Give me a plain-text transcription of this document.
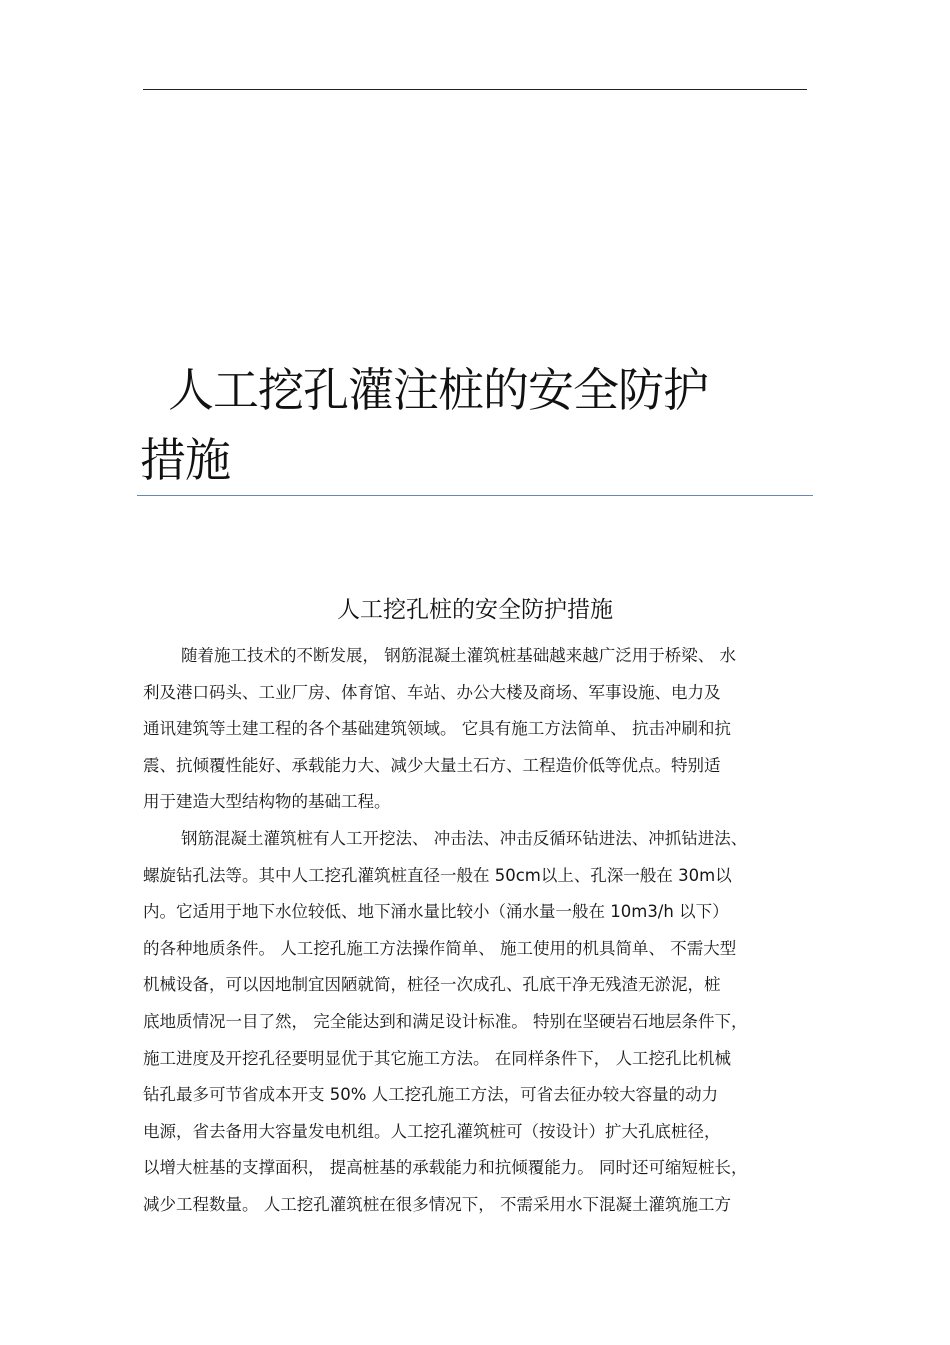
人工挖孔灌注桩的安全防护
措施
人工挖孔桩的安全防护措施
随着施工技术的不断发展， 钢筋混凝土灌筑桩基础越来越广泛用于桥梁、 水
利及港口码头、工业厂房、体育馆、车站、办公大楼及商场、军事设施、电力及
通讯建筑等土建工程的各个基础建筑领域。 它具有施工方法简单、 抗击冲刷和抗
震、抗倾覆性能好、承载能力大、减少大量土石方、工程造价低等优点。特别适
用于建造大型结构物的基础工程。
钢筋混凝土灌筑桩有人工开挖法、 冲击法、冲击反循环钻进法、冲抓钻进法、
螺旋钻孔法等。其中人工挖孔灌筑桩直径一般在 50cm以上、孔深一般在 30m以
内。它适用于地下水位较低、地下涌水量比较小（涌水量一般在 10m3/h 以下）
的各种地质条件。 人工挖孔施工方法操作简单、 施工使用的机具简单、 不需大型
机械设备，可以因地制宜因陋就简，桩径一次成孔、孔底干净无残渣无淤泥，桩
底地质情况一目了然， 完全能达到和满足设计标准。 特别在坚硬岩石地层条件下，
施工进度及开挖孔径要明显优于其它施工方法。 在同样条件下， 人工挖孔比机械
钻孔最多可节省成本开支 50% 人工挖孔施工方法，可省去征办较大容量的动力
电源，省去备用大容量发电机组。人工挖孔灌筑桩可（按设计）扩大孔底桩径，
以增大桩基的支撑面积， 提高桩基的承载能力和抗倾覆能力。 同时还可缩短桩长，
减少工程数量。 人工挖孔灌筑桩在很多情况下， 不需采用水下混凝土灌筑施工方
